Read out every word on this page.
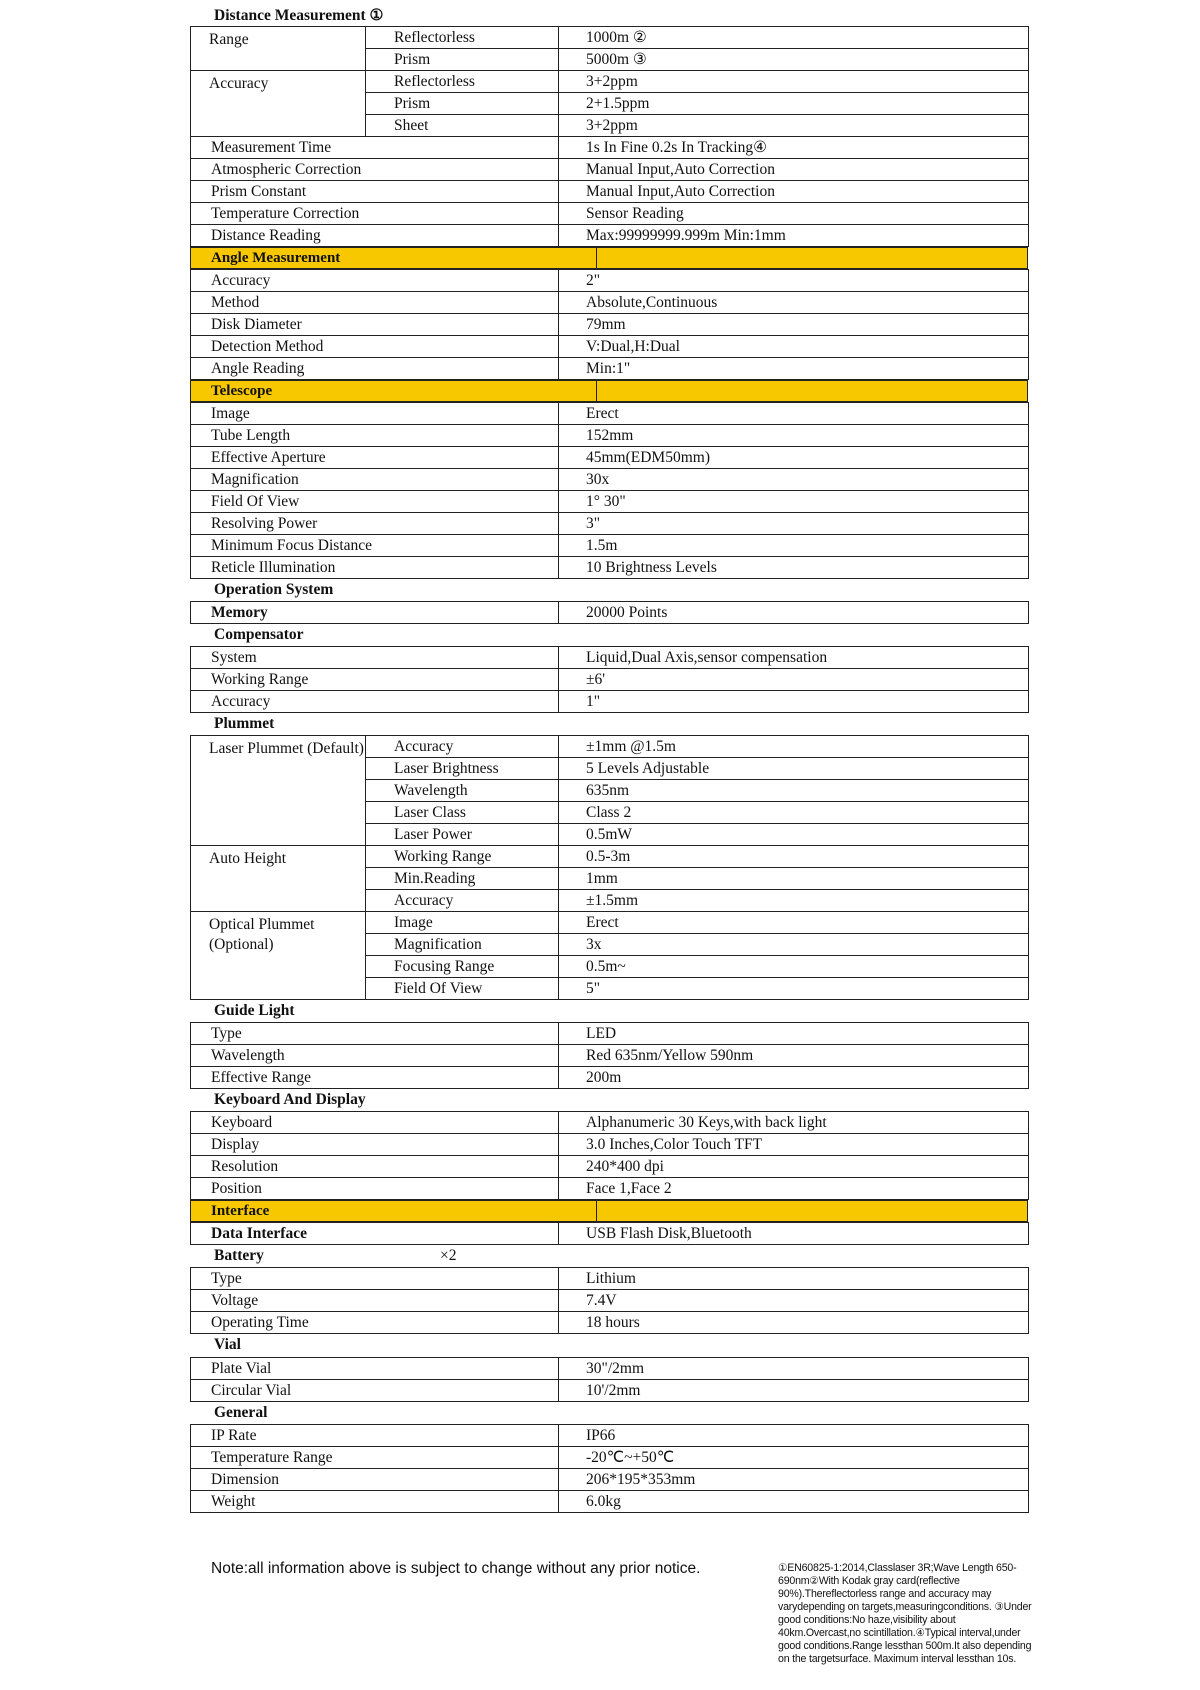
Distance Measurement ①
Range	Reflectorless	1000m ②
	Prism	5000m ③
Accuracy	Reflectorless	3+2ppm
	Prism	2+1.5ppm
	Sheet	3+2ppm
Measurement Time		1s In Fine 0.2s In Tracking④
Atmospheric Correction		Manual Input,Auto Correction
Prism Constant		Manual Input,Auto Correction
Temperature Correction		Sensor Reading
Distance Reading		Max:99999999.999m Min:1mm
Angle Measurement
Accuracy	2"
Method	Absolute,Continuous
Disk Diameter	79mm
Detection Method	V:Dual,H:Dual
Angle Reading	Min:1"
Telescope
Image	Erect
Tube Length	152mm
Effective Aperture	45mm(EDM50mm)
Magnification	30x
Field Of View	1° 30"
Resolving Power	3"
Minimum Focus Distance	1.5m
Reticle Illumination	10 Brightness Levels
Operation System
Memory	20000 Points
Compensator
System	Liquid,Dual Axis,sensor compensation
Working Range	±6'
Accuracy	1"
Plummet
Laser Plummet (Default)	Accuracy	±1mm @1.5m
	Laser Brightness	5 Levels Adjustable
	Wavelength	635nm
	Laser Class	Class 2
	Laser Power	0.5mW
Auto Height	Working Range	0.5-3m
	Min.Reading	1mm
	Accuracy	±1.5mm
Optical Plummet (Optional)	Image	Erect
	Magnification	3x
	Focusing Range	0.5m~
	Field Of View	5"
Guide Light
Type	LED
Wavelength	Red 635nm/Yellow 590nm
Effective Range	200m
Keyboard And Display
Keyboard	Alphanumeric 30 Keys,with back light
Display	3.0 Inches,Color Touch TFT
Resolution	240*400 dpi
Position	Face 1,Face 2
Interface
Data Interface	USB Flash Disk,Bluetooth
Battery	×2
Type	Lithium
Voltage	7.4V
Operating Time	18 hours
Vial
Plate Vial	30"/2mm
Circular Vial	10'/2mm
General
IP Rate	IP66
Temperature Range	-20℃~+50℃
Dimension	206*195*353mm
Weight	6.0kg
Note:all information above is subject to change without any prior notice.	①EN60825-1:2014,Classlaser 3R;Wave Length 650-690nm②With Kodak gray card(reflective 90%).Thereflectorless range and accuracy may varydepending on targets,measuringconditions. ③Under good conditions:No haze,visibility about 40km.Overcast,no scintillation.④Typical interval,under good conditions.Range lessthan 500m.It also depending on the targetsurface. Maximum interval lessthan 10s.
